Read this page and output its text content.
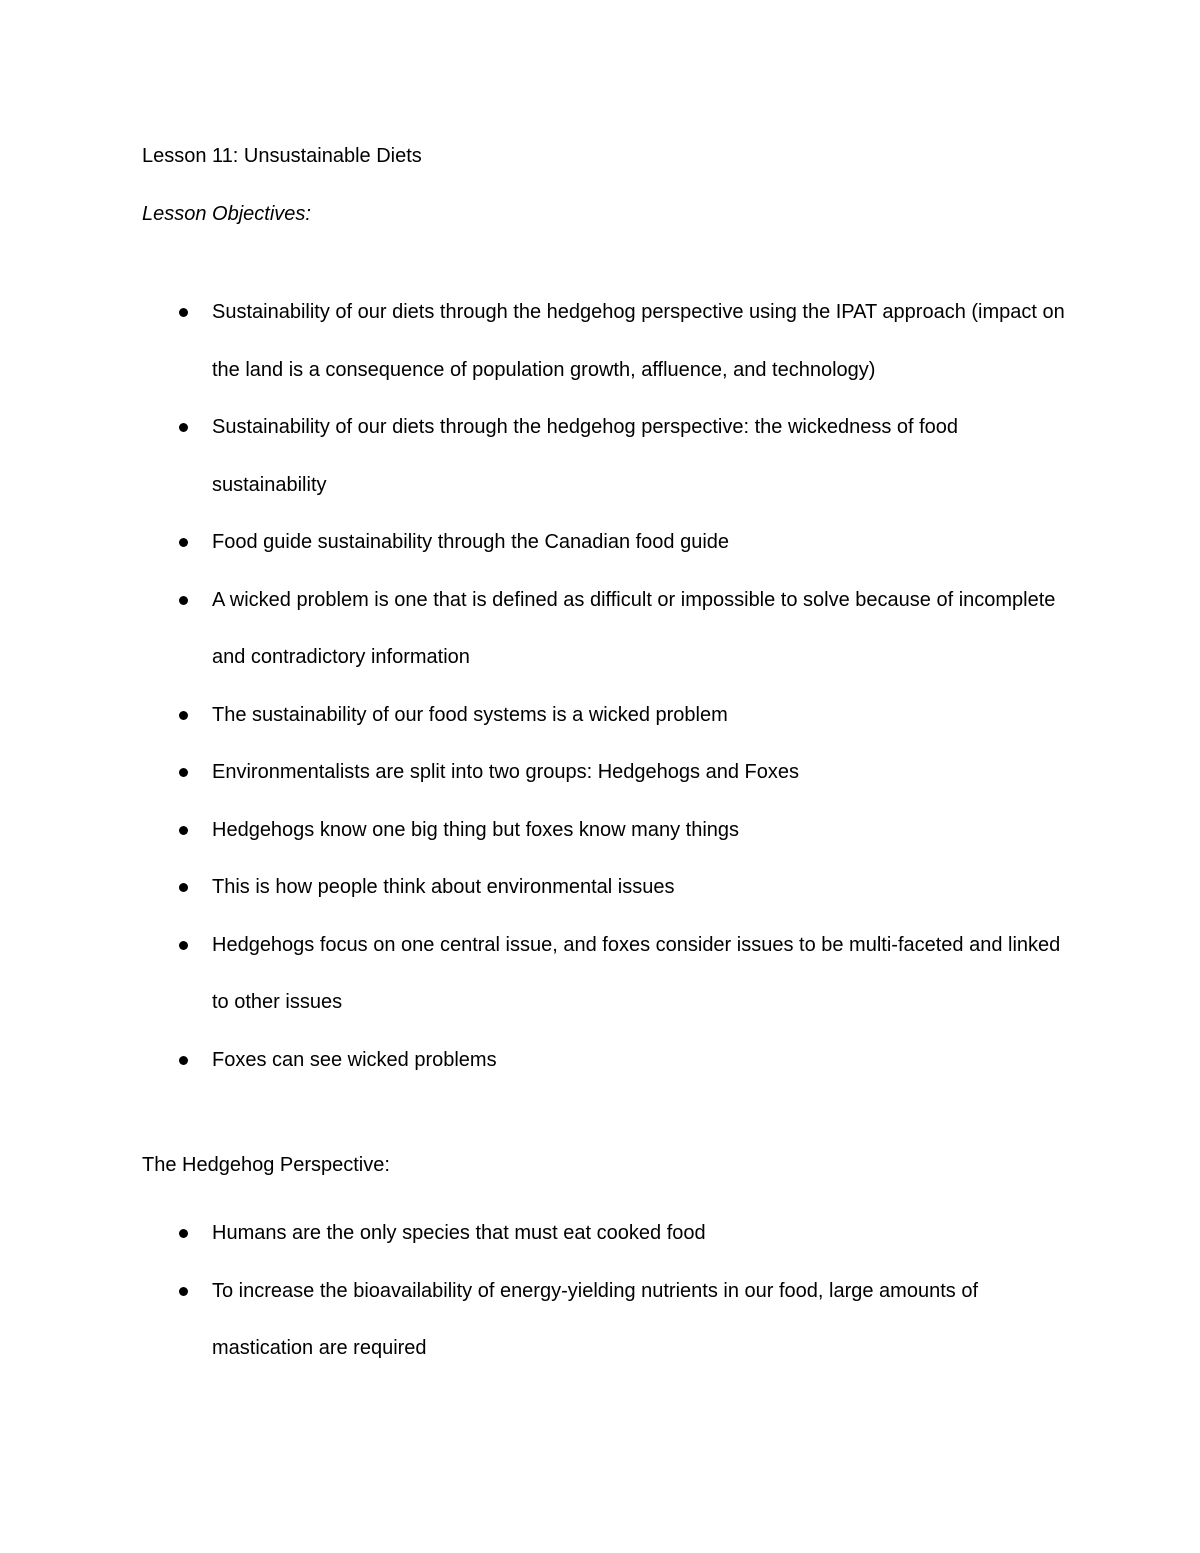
Lesson 11: Unsustainable Diets
Lesson Objectives:
Sustainability of our diets through the hedgehog perspective using the IPAT approach (impact on the land is a consequence of population growth, affluence, and technology)
Sustainability of our diets through the hedgehog perspective: the wickedness of food sustainability
Food guide sustainability through the Canadian food guide
A wicked problem is one that is defined as difficult or impossible to solve because of incomplete and contradictory information
The sustainability of our food systems is a wicked problem
Environmentalists are split into two groups: Hedgehogs and Foxes
Hedgehogs know one big thing but foxes know many things
This is how people think about environmental issues
Hedgehogs focus on one central issue, and foxes consider issues to be multi-faceted and linked to other issues
Foxes can see wicked problems
The Hedgehog Perspective:
Humans are the only species that must eat cooked food
To increase the bioavailability of energy-yielding nutrients in our food, large amounts of mastication are required
